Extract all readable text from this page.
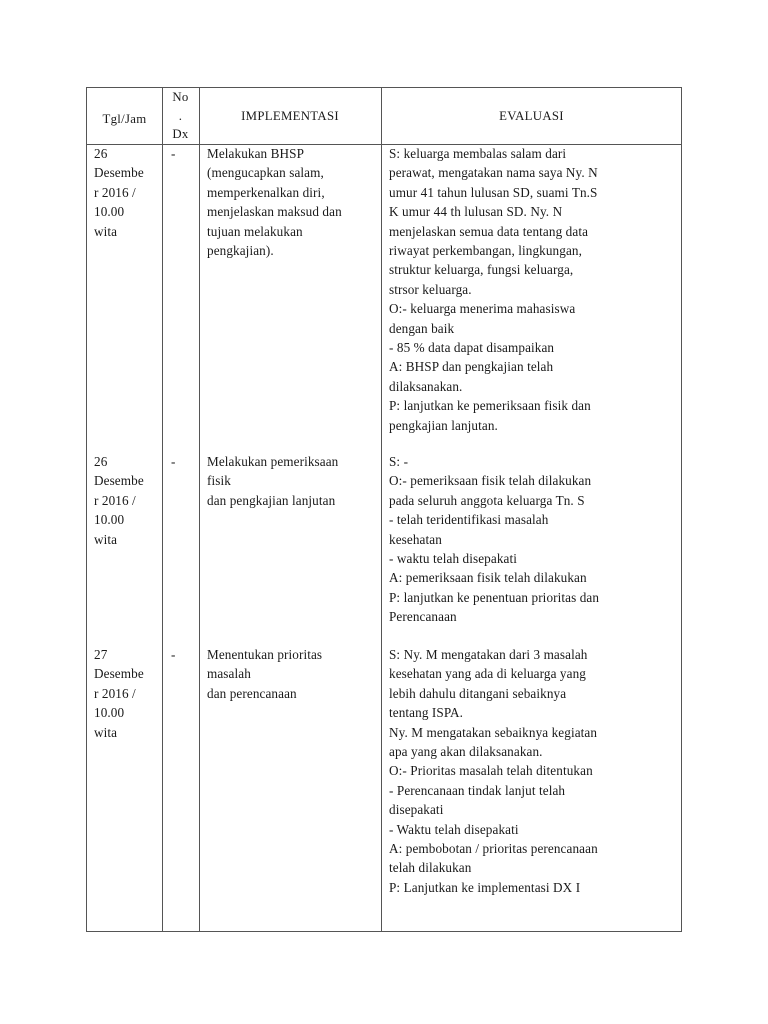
Tgl/Jam
No
.
Dx
IMPLEMENTASI	EVALUASI
26
Desembe
r 2016 /
10.00
wita
- Melakukan BHSP
(mengucapkan salam,
memperkenalkan diri,
menjelaskan maksud dan
tujuan melakukan
pengkajian).
S: keluarga membalas salam dari
perawat, mengatakan nama saya Ny. N
umur 41 tahun lulusan SD, suami Tn.S
K umur 44 th lulusan SD. Ny. N
menjelaskan semua data tentang data
riwayat perkembangan, lingkungan,
struktur keluarga, fungsi keluarga,
strsor keluarga.
O:- keluarga menerima mahasiswa
dengan baik
- 85 % data dapat disampaikan
A: BHSP dan pengkajian telah
dilaksanakan.
P: lanjutkan ke pemeriksaan fisik dan
pengkajian lanjutan.
26
Desembe
r 2016 /
10.00
wita
- Melakukan pemeriksaan
fisik
dan pengkajian lanjutan
S: -
O:- pemeriksaan fisik telah dilakukan
pada seluruh anggota keluarga Tn. S
- telah teridentifikasi masalah
kesehatan
- waktu telah disepakati
A: pemeriksaan fisik telah dilakukan
P: lanjutkan ke penentuan prioritas dan
Perencanaan
27
Desembe
r 2016 /
10.00
wita
- Menentukan prioritas
masalah
dan perencanaan
S: Ny. M mengatakan dari 3 masalah
kesehatan yang ada di keluarga yang
lebih dahulu ditangani sebaiknya
tentang ISPA.
Ny. M mengatakan sebaiknya kegiatan
apa yang akan dilaksanakan.
O:- Prioritas masalah telah ditentukan
- Perencanaan tindak lanjut telah
disepakati
- Waktu telah disepakati
A: pembobotan / prioritas perencanaan
telah dilakukan
P: Lanjutkan ke implementasi DX I
